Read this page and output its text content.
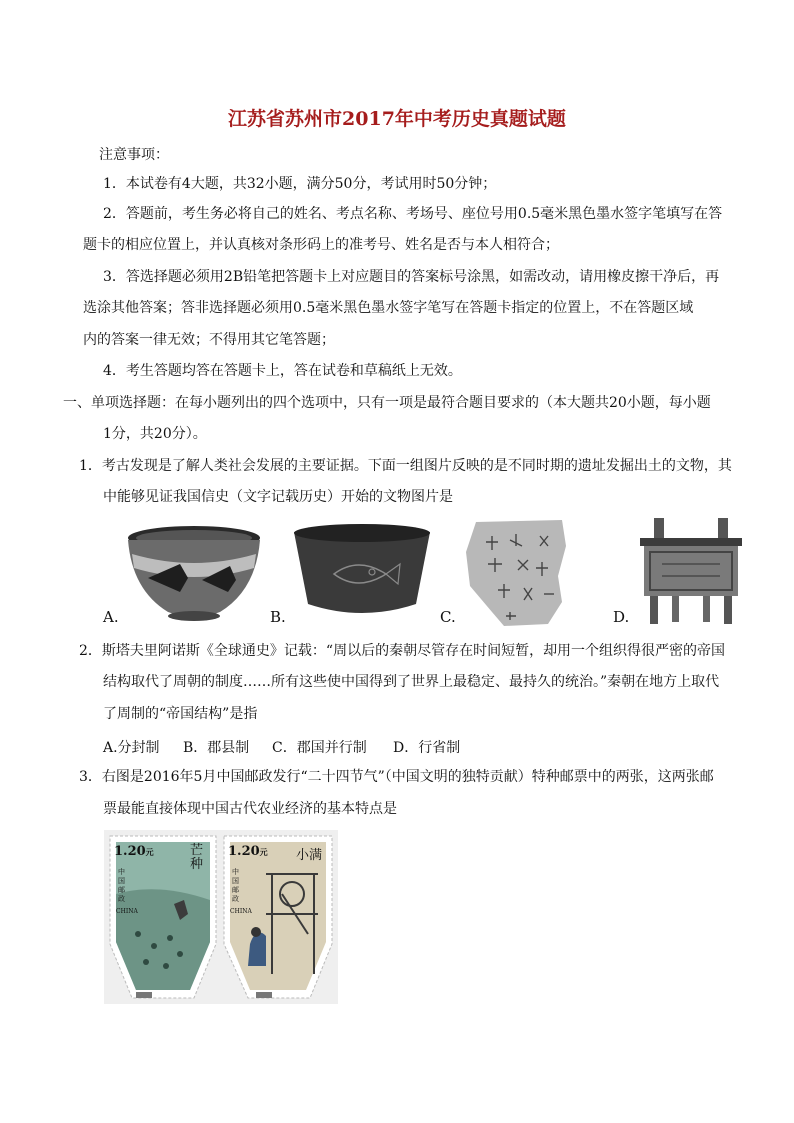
江苏省苏州市2017年中考历史真题试题
注意事项：
1．本试卷有4大题，共32小题，满分50分，考试用时50分钟；
2．答题前，考生务必将自己的姓名、考点名称、考场号、座位号用0.5毫米黑色墨水签字笔填写在答
题卡的相应位置上，并认真核对条形码上的准考号、姓名是否与本人相符合；
3．答选择题必须用2B铅笔把答题卡上对应题目的答案标号涂黑，如需改动，请用橡皮擦干净后，再
选涂其他答案；答非选择题必须用0.5毫米黑色墨水签字笔写在答题卡指定的位置上，不在答题区域
内的答案一律无效；不得用其它笔答题；
4．考生答题均答在答题卡上，答在试卷和草稿纸上无效。
一、单项选择题：在每小题列出的四个选项中，只有一项是最符合题目要求的（本大题共20小题，每小题
1分，共20分）。
1．考古发现是了解人类社会发展的主要证据。下面一组图片反映的是不同时期的遗址发掘出土的文物，其
中能够见证我国信史（文字记载历史）开始的文物图片是
A.	B.	C.	D.
2．斯塔夫里阿诺斯《全球通史》记载：“周以后的秦朝尽管存在时间短暂，却用一个组织得很严密的帝国
结构取代了周朝的制度……所有这些使中国得到了世界上最稳定、最持久的统治。”秦朝在地方上取代
了周制的“帝国结构”是指
A.分封制 B．郡县制 C．郡国并行制 D．行省制
3．右图是2016年5月中国邮政发行“二十四节气”（中国文明的独特贡献）特种邮票中的两张，这两张邮
票最能直接体现中国古代农业经济的基本特点是
1.20元	芒种
中国邮政
CHINA
1.20元 小满
中国邮政
CHINA
